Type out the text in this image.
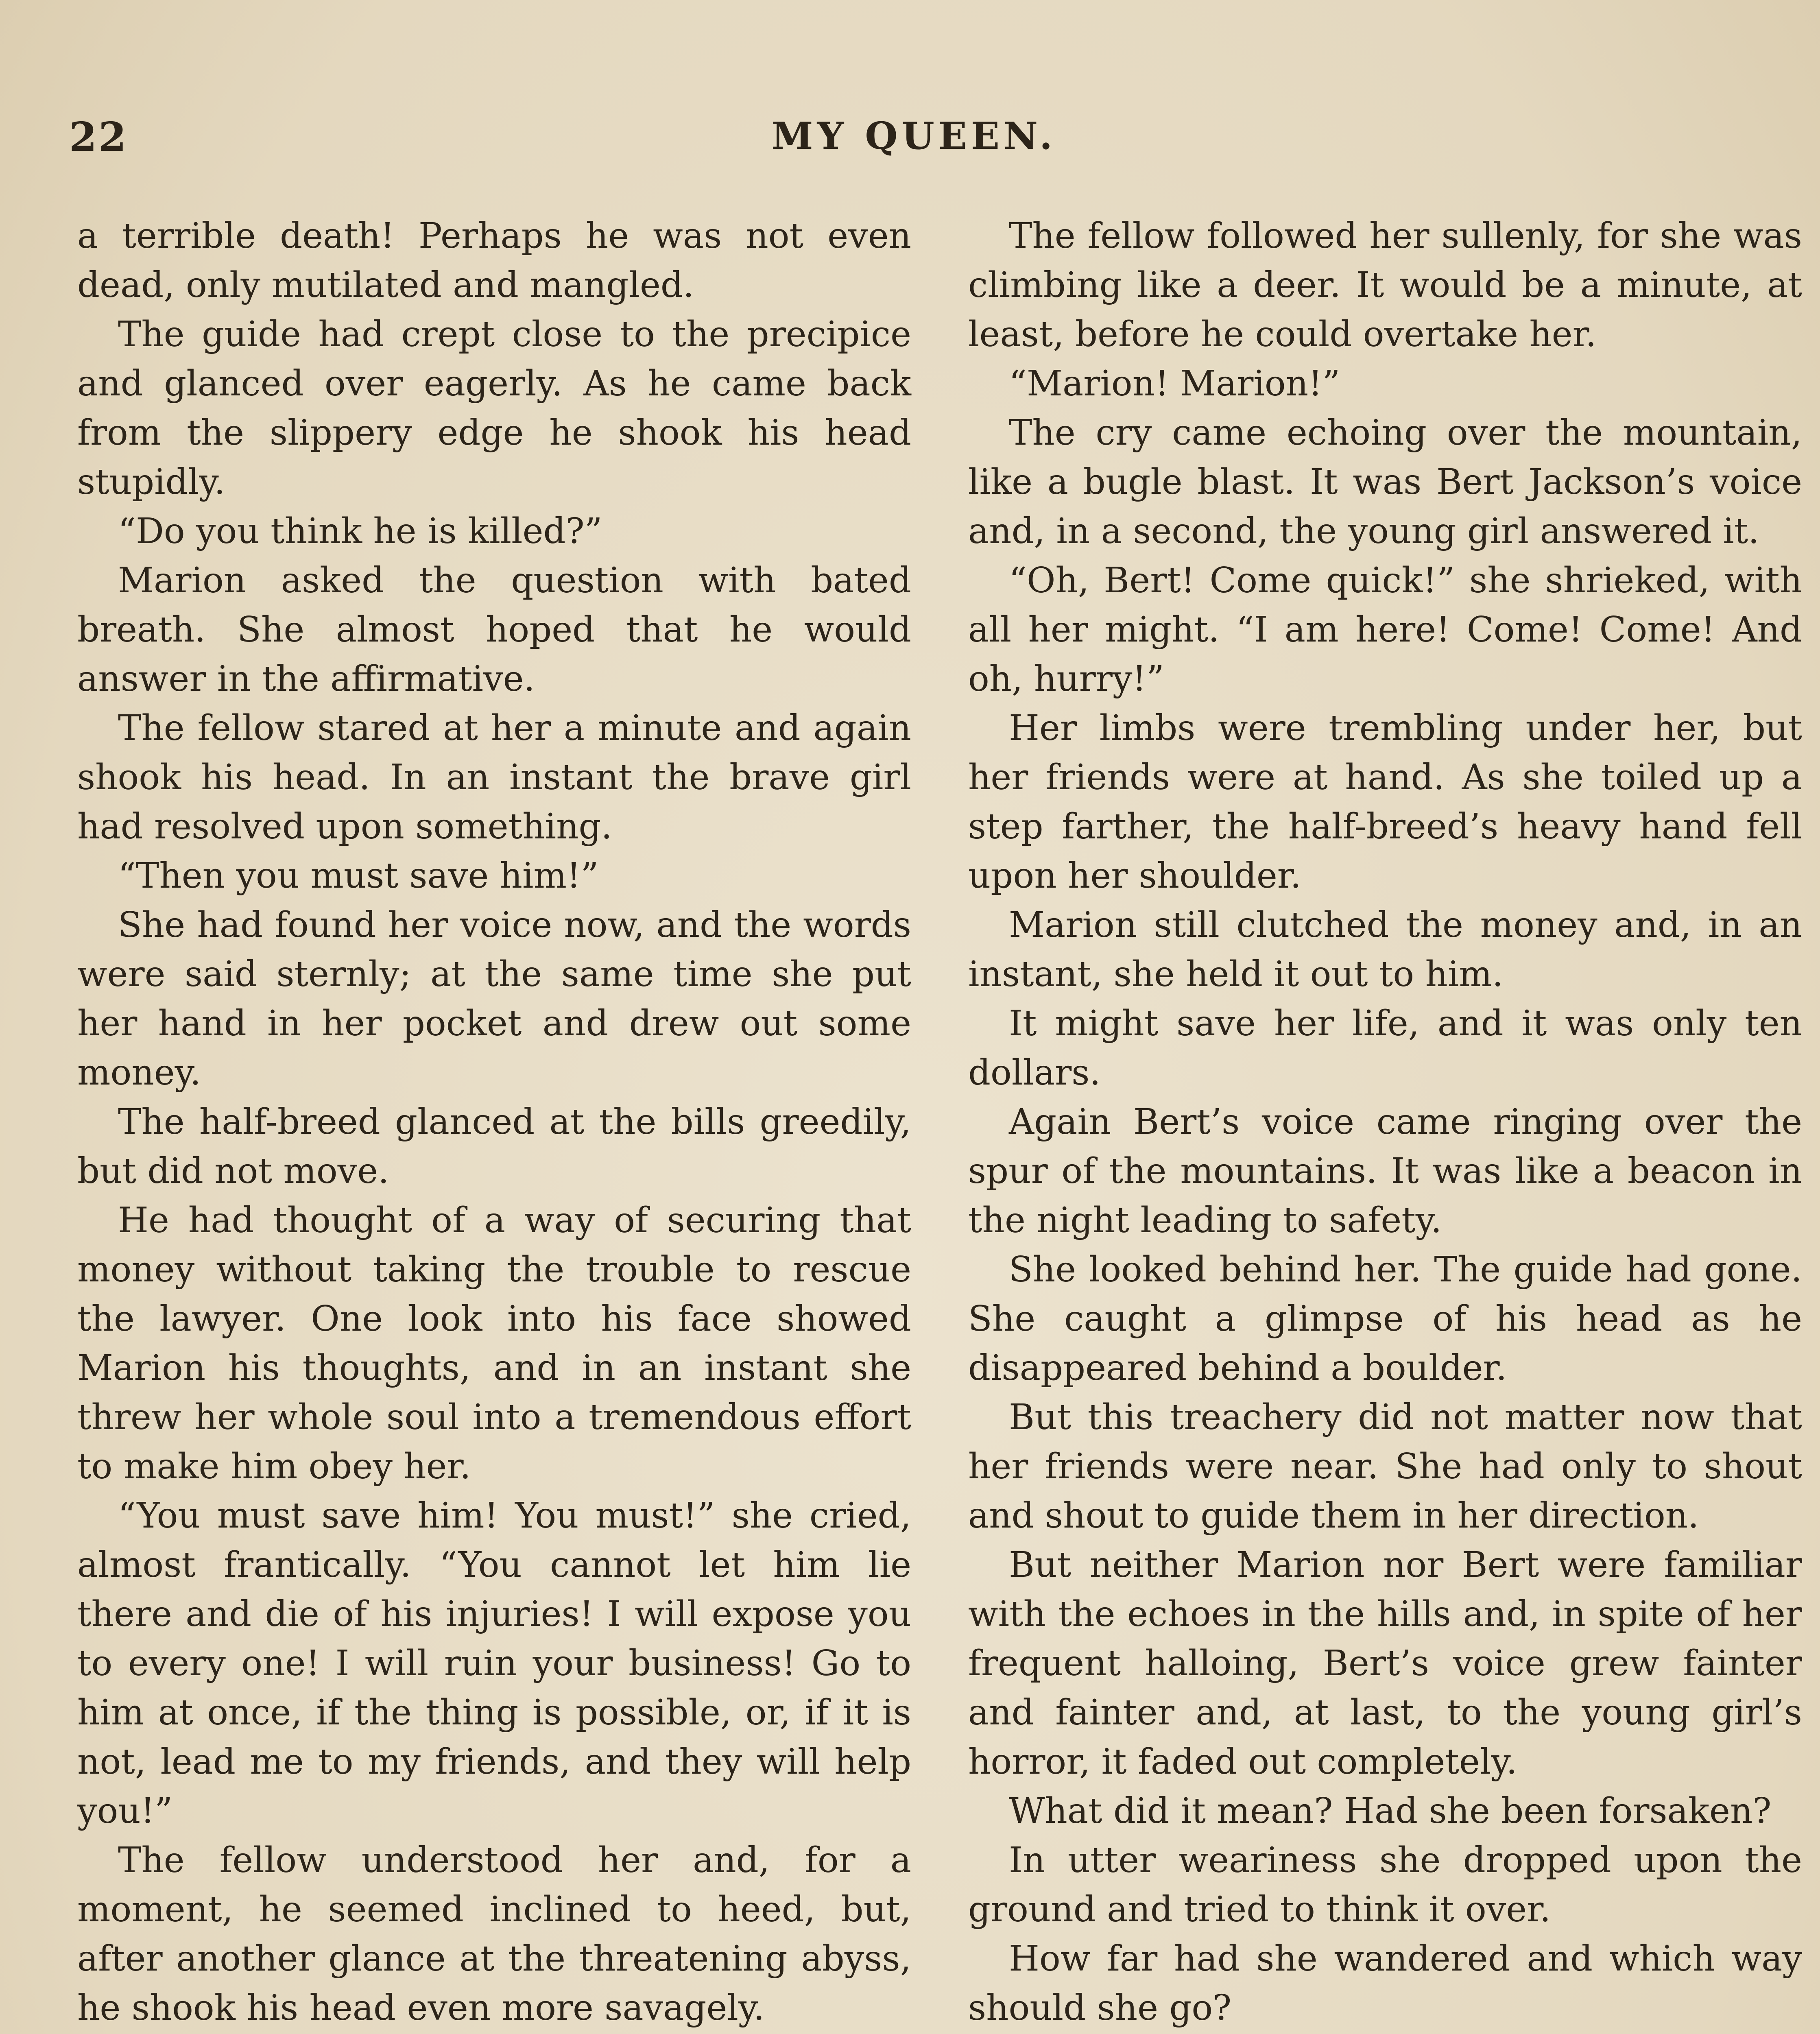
22	MY QUEEN.

a terrible death! Perhaps he was not even dead, only mutilated and mangled.

The guide had crept close to the precipice and glanced over eagerly. As he came back from the slippery edge he shook his head stupidly.

“Do you think he is killed?”

Marion asked the question with bated breath. She almost hoped that he would answer in the affirmative.

The fellow stared at her a minute and again shook his head. In an instant the brave girl had resolved upon something.

“Then you must save him!”

She had found her voice now, and the words were said sternly; at the same time she put her hand in her pocket and drew out some money.

The half-breed glanced at the bills greedily, but did not move.

He had thought of a way of securing that money without taking the trouble to rescue the lawyer. One look into his face showed Marion his thoughts, and in an instant she threw her whole soul into a tremendous effort to make him obey her.

“You must save him! You must!” she cried, almost frantically. “You cannot let him lie there and die of his injuries! I will expose you to every one! I will ruin your business! Go to him at once, if the thing is possible, or, if it is not, lead me to my friends, and they will help you!”

The fellow understood her and, for a moment, he seemed inclined to heed, but, after another glance at the threatening abyss, he shook his head even more savagely.

The fellow followed her sullenly, for she was climbing like a deer. It would be a minute, at least, before he could overtake her.

“Marion! Marion!”

The cry came echoing over the mountain, like a bugle blast. It was Bert Jackson’s voice and, in a second, the young girl answered it.

“Oh, Bert! Come quick!” she shrieked, with all her might. “I am here! Come! Come! And oh, hurry!”

Her limbs were trembling under her, but her friends were at hand. As she toiled up a step farther, the half-breed’s heavy hand fell upon her shoulder.

Marion still clutched the money and, in an instant, she held it out to him.

It might save her life, and it was only ten dollars.

Again Bert’s voice came ringing over the spur of the mountains. It was like a beacon in the night leading to safety.

She looked behind her. The guide had gone. She caught a glimpse of his head as he disappeared behind a boulder.

But this treachery did not matter now that her friends were near. She had only to shout and shout to guide them in her direction.

But neither Marion nor Bert were familiar with the echoes in the hills and, in spite of her frequent halloing, Bert’s voice grew fainter and fainter and, at last, to the young girl’s horror, it faded out completely.

What did it mean? Had she been forsaken?

In utter weariness she dropped upon the ground and tried to think it over.

How far had she wandered and which way should she go?
